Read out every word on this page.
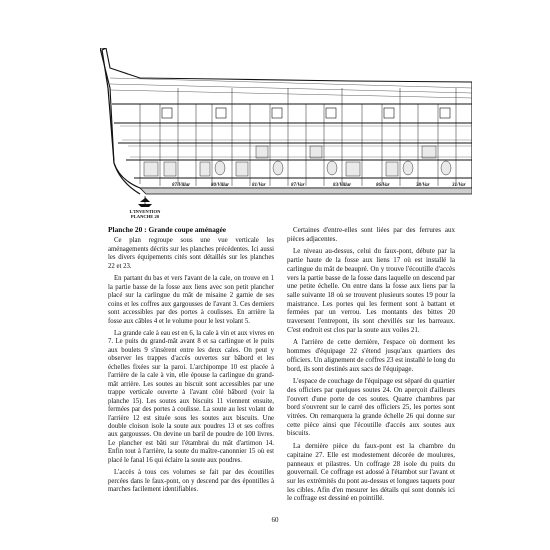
87/Villar	80/Villar	81/Var	87/Var	83/Villar	86/Var	38/Var	31/Var
L'INVENTION
PLANCHE 20
Planche 20 : Grande coupe aménagée

Ce plan regroupe sous une vue verticale les aménagements décrits sur les planches précédentes. Ici aussi les divers équipements cités sont détaillés sur les planches 22 et 23.

En partant du bas et vers l'avant de la cale, on trouve en 1 la partie basse de la fosse aux liens avec son petit plancher placé sur la carlingue du mât de misaine 2 garnie de ses coins et les coffres aux gargousses de l'avant 3. Ces derniers sont accessibles par des portes à coulisses. En arrière la fosse aux câbles 4 et le volume pour le lest volant 5.

La grande cale à eau est en 6, la cale à vin et aux vivres en 7. Le puits du grand-mât avant 8 et sa carlingue et le puits aux boulets 9 s'insèrent entre les deux cales. On peut y observer les trappes d'accès ouvertes sur bâbord et les échelles fixées sur la paroi. L'archipompe 10 est placée à l'arrière de la cale à vin, elle épouse la carlingue du grand-mât arrière. Les soutes au biscuit sont accessibles par une trappe verticale ouverte à l'avant côté bâbord (voir la planche 15). Les soutes aux biscuits 11 viennent ensuite, fermées par des portes à coulisse. La soute au lest volant de l'arrière 12 est située sous les soutes aux biscuits. Une double cloison isole la soute aux poudres 13 et ses coffres aux gargousses. On devine un baril de poudre de 100 livres. Le plancher est bâti sur l'étambrai du mât d'artimon 14. Enfin tout à l'arrière, la soute du maître-canonnier 15 où est placé le fanal 16 qui éclaire la soute aux poudres.

L'accès à tous ces volumes se fait par des écoutilles percées dans le faux-pont, on y descend par des épontilles à marches facilement identifiables.

Certaines d'entre-elles sont liées par des ferrures aux pièces adjacentes.

Le niveau au-dessus, celui du faux-pont, débute par la partie haute de la fosse aux liens 17 où est installé la carlingue du mât de beaupré. On y trouve l'écoutille d'accès vers la partie basse de la fosse dans laquelle on descend par une petite échelle. On entre dans la fosse aux liens par la salle suivante 18 où se trouvent plusieurs soutes 19 pour la maistrance. Les portes qui les ferment sont à battant et fermées par un verrou. Les montants des bittes 20 traversent l'entrepont, ils sont chevillés sur les barreaux. C'est endroit est clos par la soute aux voiles 21.

A l'arrière de cette dernière, l'espace où dorment les hommes d'équipage 22 s'étend jusqu'aux quartiers des officiers. Un alignement de coffres 23 est installé le long du bord, ils sont destinés aux sacs de l'équipage.

L'espace de couchage de l'équipage est séparé du quartier des officiers par quelques soutes 24. On aperçoit d'ailleurs l'ouvert d'une porte de ces soutes. Quatre chambres par bord s'ouvrent sur le carré des officiers 25, les portes sont vitrées. On remarquera la grande échelle 26 qui donne sur cette pièce ainsi que l'écoutille d'accès aux soutes aux biscuits.

La dernière pièce du faux-pont est la chambre du capitaine 27. Elle est modestement décorée de moulures, panneaux et pilastres. Un coffrage 28 isole du puits du gouvernail. Ce coffrage est adossé à l'étambot sur l'avant et sur les extrémités du pont au-dessus et longues taquets pour les cibles. Afin d'en mesurer les détails qui sont donnés ici le coffrage est dessiné en pointillé.

60
